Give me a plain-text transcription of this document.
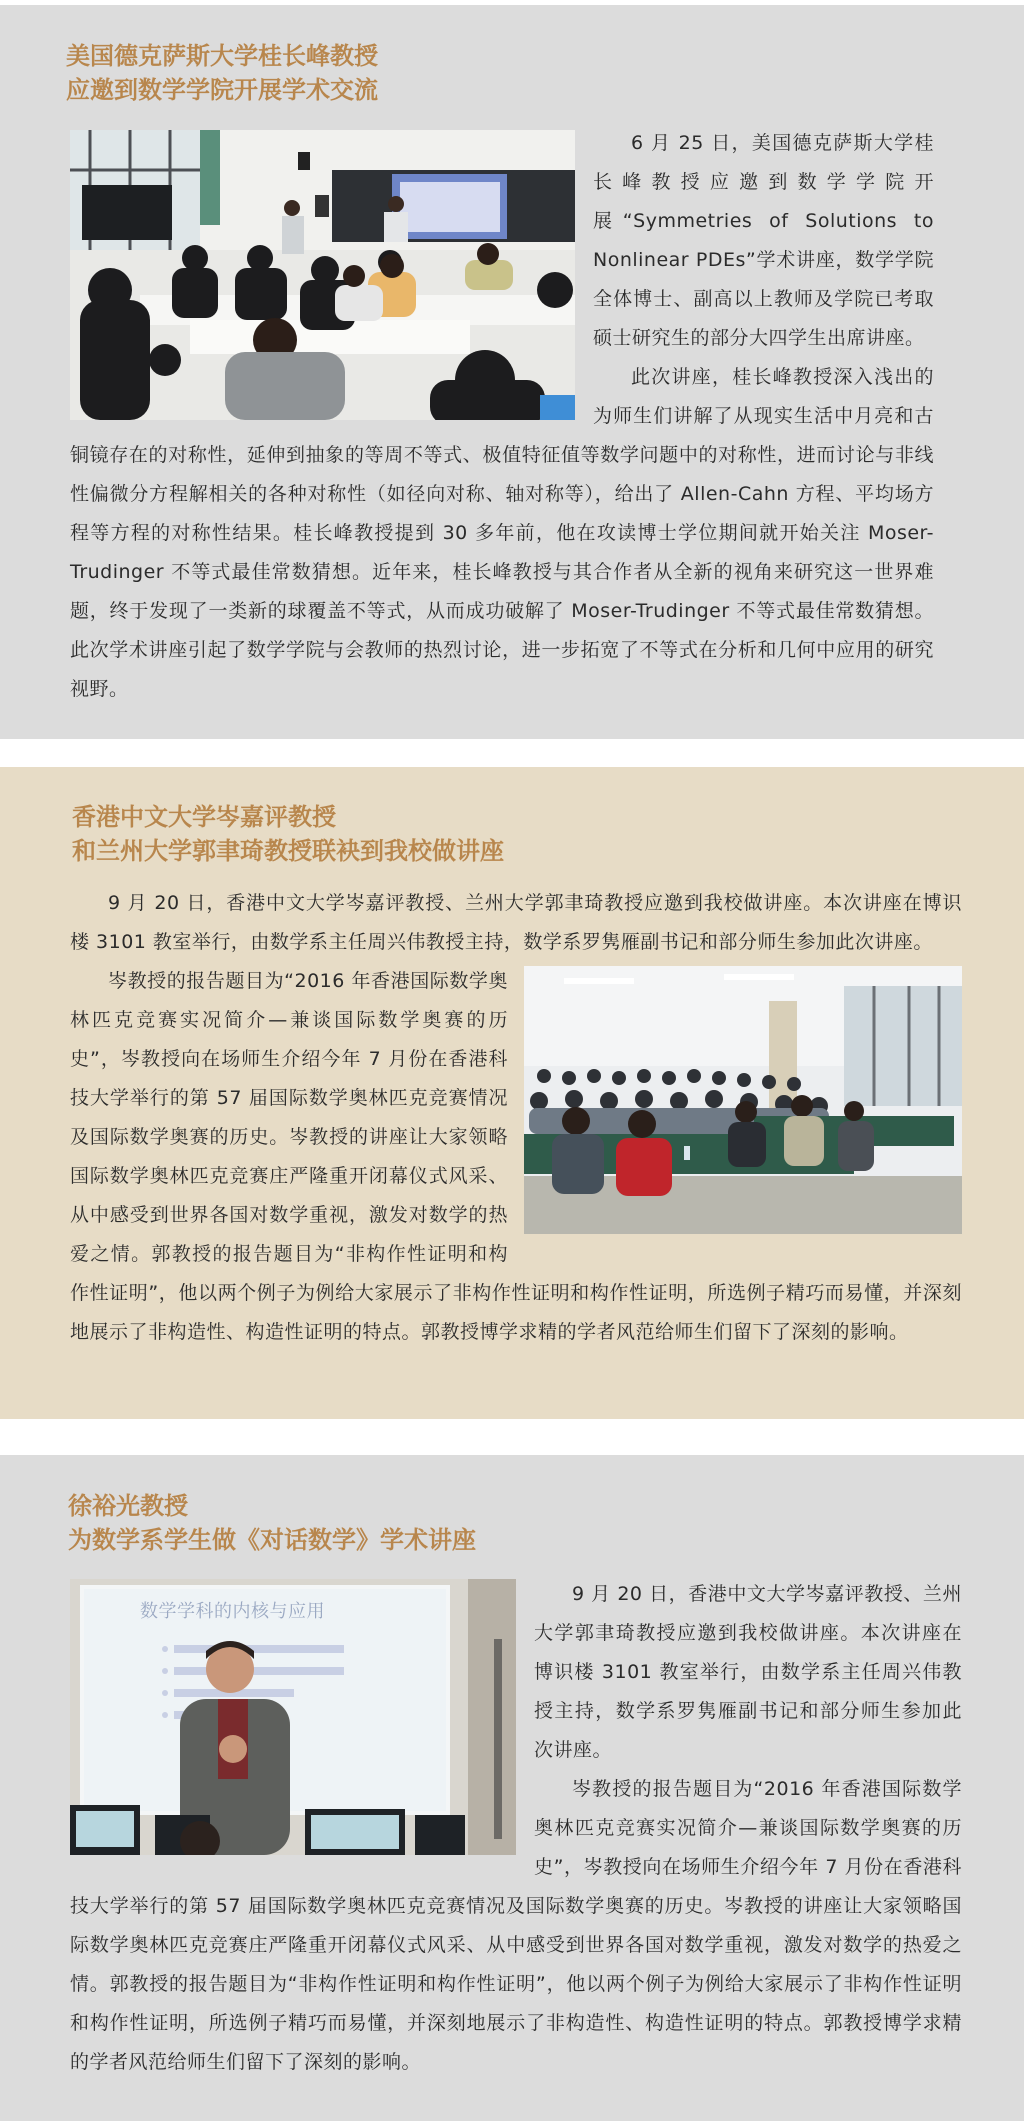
美国德克萨斯大学桂长峰教授
应邀到数学学院开展学术交流

6 月 25 日，美国德克萨斯大学桂长峰教授应邀到数学学院开展“Symmetries of Solutions to Nonlinear PDEs”学术讲座，数学学院全体博士、副高以上教师及学院已考取硕士研究生的部分大四学生出席讲座。

此次讲座，桂长峰教授深入浅出的为师生们讲解了从现实生活中月亮和古铜镜存在的对称性，延伸到抽象的等周不等式、极值特征值等数学问题中的对称性，进而讨论与非线性偏微分方程解相关的各种对称性（如径向对称、轴对称等），给出了 Allen-Cahn 方程、平均场方程等方程的对称性结果。桂长峰教授提到 30 多年前，他在攻读博士学位期间就开始关注 Moser-Trudinger 不等式最佳常数猜想。近年来，桂长峰教授与其合作者从全新的视角来研究这一世界难题，终于发现了一类新的球覆盖不等式，从而成功破解了 Moser-Trudinger 不等式最佳常数猜想。此次学术讲座引起了数学学院与会教师的热烈讨论，进一步拓宽了不等式在分析和几何中应用的研究视野。

香港中文大学岑嘉评教授
和兰州大学郭聿琦教授联袂到我校做讲座

9 月 20 日，香港中文大学岑嘉评教授、兰州大学郭聿琦教授应邀到我校做讲座。本次讲座在博识楼 3101 教室举行，由数学系主任周兴伟教授主持，数学系罗隽雁副书记和部分师生参加此次讲座。

岑教授的报告题目为“2016 年香港国际数学奥林匹克竞赛实况简介—兼谈国际数学奥赛的历史”，岑教授向在场师生介绍今年 7 月份在香港科技大学举行的第 57 届国际数学奥林匹克竞赛情况及国际数学奥赛的历史。岑教授的讲座让大家领略国际数学奥林匹克竞赛庄严隆重开闭幕仪式风采、从中感受到世界各国对数学重视，激发对数学的热爱之情。郭教授的报告题目为“非构作性证明和构作性证明”，他以两个例子为例给大家展示了非构作性证明和构作性证明，所选例子精巧而易懂，并深刻地展示了非构造性、构造性证明的特点。郭教授博学求精的学者风范给师生们留下了深刻的影响。

徐裕光教授
为数学系学生做《对话数学》学术讲座
数学学科的内核与应用

9 月 20 日，香港中文大学岑嘉评教授、兰州大学郭聿琦教授应邀到我校做讲座。本次讲座在博识楼 3101 教室举行，由数学系主任周兴伟教授主持，数学系罗隽雁副书记和部分师生参加此次讲座。

岑教授的报告题目为“2016 年香港国际数学奥林匹克竞赛实况简介—兼谈国际数学奥赛的历史”，岑教授向在场师生介绍今年 7 月份在香港科技大学举行的第 57 届国际数学奥林匹克竞赛情况及国际数学奥赛的历史。岑教授的讲座让大家领略国际数学奥林匹克竞赛庄严隆重开闭幕仪式风采、从中感受到世界各国对数学重视，激发对数学的热爱之情。郭教授的报告题目为“非构作性证明和构作性证明”，他以两个例子为例给大家展示了非构作性证明和构作性证明，所选例子精巧而易懂，并深刻地展示了非构造性、构造性证明的特点。郭教授博学求精的学者风范给师生们留下了深刻的影响。
